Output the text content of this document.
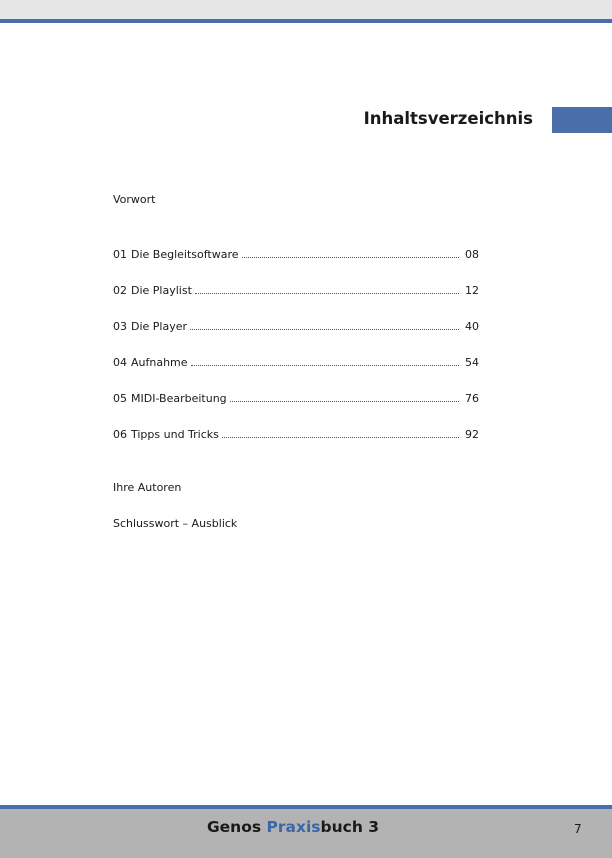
Inhaltsverzeichnis
Vorwort
01 Die Begleitsoftware	08
02 Die Playlist	12
03 Die Player	40
04 Aufnahme	54
05 MIDI-Bearbeitung	76
06 Tipps und Tricks	92
Ihre Autoren
Schlusswort – Ausblick
Genos Praxisbuch 3	7
